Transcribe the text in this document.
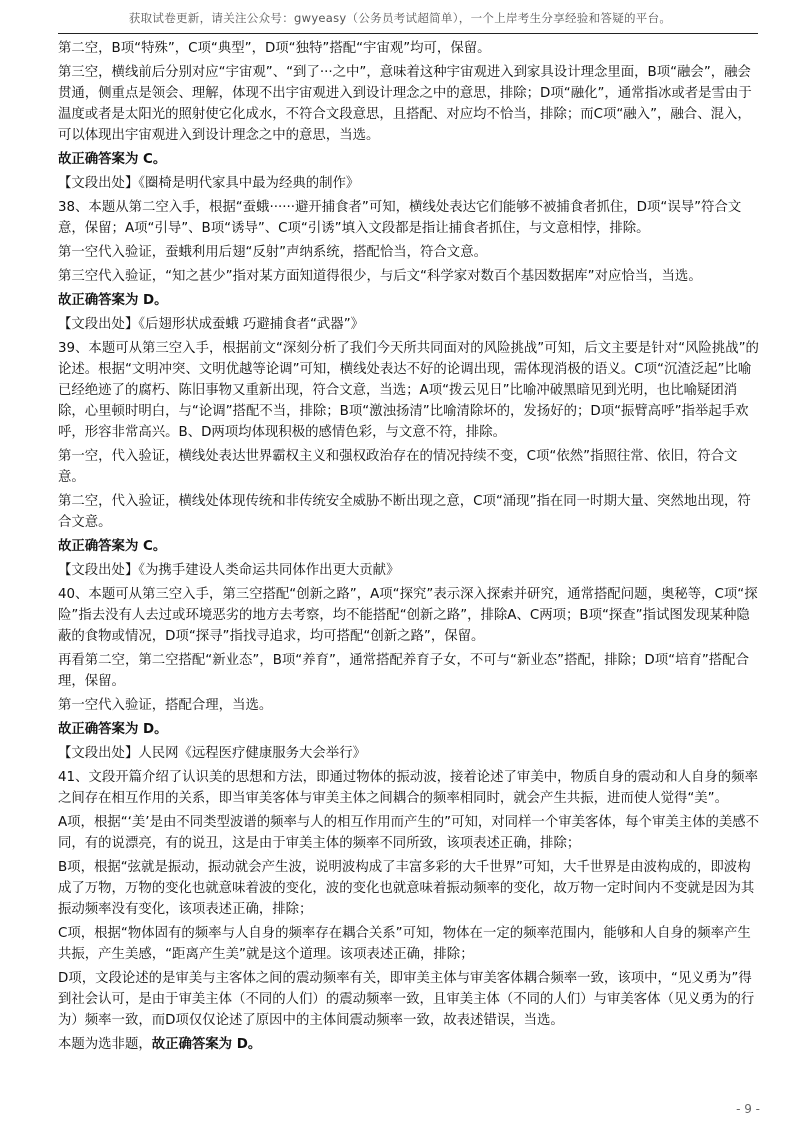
获取试卷更新，请关注公众号：gwyeasy（公务员考试超简单），一个上岸考生分享经验和答疑的平台。

第二空，B项“特殊”，C项“典型”，D项“独特”搭配“宇宙观”均可，保留。

第三空，横线前后分别对应“宇宙观”、“到了···之中”，意味着这种宇宙观进入到家具设计理念里面，B项“融会”，融会贯通，侧重点是领会、理解，体现不出宇宙观进入到设计理念之中的意思，排除；D项“融化”，通常指冰或者是雪由于温度或者是太阳光的照射使它化成水，不符合文段意思，且搭配、对应均不恰当，排除；而C项“融入”，融合、混入，可以体现出宇宙观进入到设计理念之中的意思，当选。

故正确答案为 C。

【文段出处】《圈椅是明代家具中最为经典的制作》

38、本题从第二空入手，根据“蚕蛾······避开捕食者”可知，横线处表达它们能够不被捕食者抓住，D项“误导”符合文意，保留；A项“引导”、B项“诱导”、C项“引诱”填入文段都是指让捕食者抓住，与文意相悖，排除。

第一空代入验证，蚕蛾利用后翅“反射”声纳系统，搭配恰当，符合文意。

第三空代入验证，“知之甚少”指对某方面知道得很少，与后文“科学家对数百个基因数据库”对应恰当，当选。

故正确答案为 D。

【文段出处】《后翅形状成蚕蛾 巧避捕食者“武器”》

39、本题可从第三空入手，根据前文“深刻分析了我们今天所共同面对的风险挑战”可知，后文主要是针对“风险挑战”的论述。根据“文明冲突、文明优越等论调”可知，横线处表达不好的论调出现，需体现消极的语义。C项“沉渣泛起”比喻已经绝迹了的腐朽、陈旧事物又重新出现，符合文意，当选；A项“拨云见日”比喻冲破黑暗见到光明，也比喻疑团消除，心里顿时明白，与“论调”搭配不当，排除；B项“激浊扬清”比喻清除坏的，发扬好的；D项“振臂高呼”指举起手欢呼，形容非常高兴。B、D两项均体现积极的感情色彩，与文意不符，排除。

第一空，代入验证，横线处表达世界霸权主义和强权政治存在的情况持续不变，C项“依然”指照往常、依旧，符合文意。

第二空，代入验证，横线处体现传统和非传统安全威胁不断出现之意，C项“涌现”指在同一时期大量、突然地出现，符合文意。

故正确答案为 C。

【文段出处】《为携手建设人类命运共同体作出更大贡献》

40、本题可从第三空入手，第三空搭配“创新之路”，A项“探究”表示深入探索并研究，通常搭配问题，奥秘等，C项“探险”指去没有人去过或环境恶劣的地方去考察，均不能搭配“创新之路”，排除A、C两项；B项“探查”指试图发现某种隐蔽的食物或情况，D项“探寻”指找寻追求，均可搭配“创新之路”，保留。

再看第二空，第二空搭配“新业态”，B项“养育”，通常搭配养育子女，不可与“新业态”搭配，排除；D项“培育”搭配合理，保留。

第一空代入验证，搭配合理，当选。

故正确答案为 D。

【文段出处】人民网《远程医疗健康服务大会举行》

41、文段开篇介绍了认识美的思想和方法，即通过物体的振动波，接着论述了审美中，物质自身的震动和人自身的频率之间存在相互作用的关系，即当审美客体与审美主体之间耦合的频率相同时，就会产生共振，进而使人觉得“美”。

A项，根据“‘美’是由不同类型波谱的频率与人的相互作用而产生的”可知，对同样一个审美客体，每个审美主体的美感不同，有的说漂亮，有的说丑，这是由于审美主体的频率不同所致，该项表述正确，排除；

B项，根据“弦就是振动，振动就会产生波，说明波构成了丰富多彩的大千世界”可知，大千世界是由波构成的，即波构成了万物，万物的变化也就意味着波的变化，波的变化也就意味着振动频率的变化，故万物一定时间内不变就是因为其振动频率没有变化，该项表述正确，排除；

C项，根据“物体固有的频率与人自身的频率存在耦合关系”可知，物体在一定的频率范围内，能够和人自身的频率产生共振，产生美感，“距离产生美”就是这个道理。该项表述正确，排除；

D项，文段论述的是审美与主客体之间的震动频率有关，即审美主体与审美客体耦合频率一致，该项中，“见义勇为”得到社会认可，是由于审美主体（不同的人们）的震动频率一致，且审美主体（不同的人们）与审美客体（见义勇为的行为）频率一致，而D项仅仅论述了原因中的主体间震动频率一致，故表述错误，当选。

本题为选非题，故正确答案为 D。

- 9 -
